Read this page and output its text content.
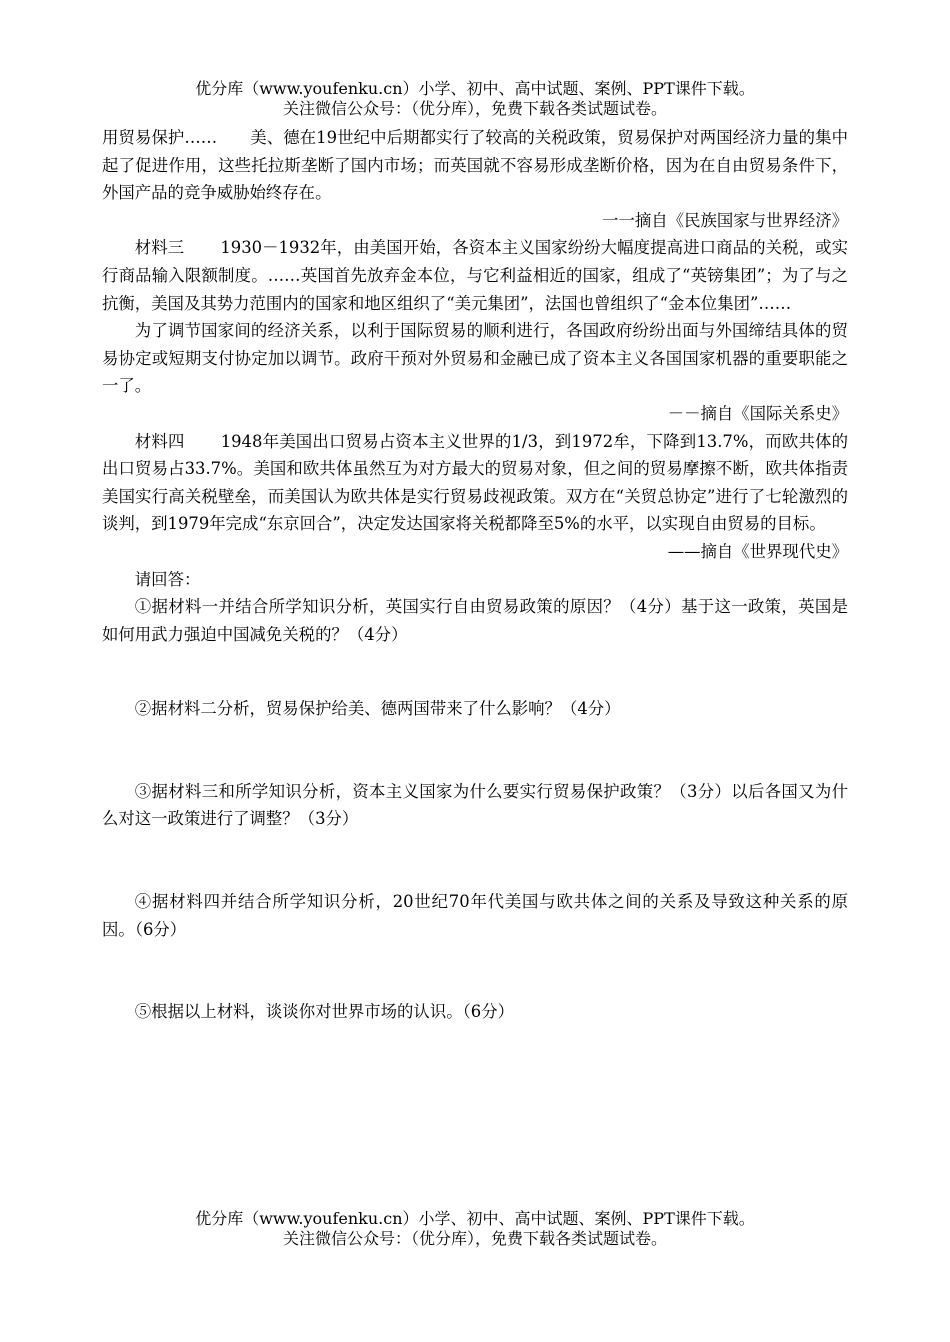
优分库（www.youfenku.cn）小学、初中、高中试题、案例、PPT课件下载。
关注微信公众号：（优分库），免费下载各类试题试卷。

用贸易保护……　　美、德在19世纪中后期都实行了较高的关税政策，贸易保护对两国经济力量的集中起了促进作用，这些托拉斯垄断了国内市场；而英国就不容易形成垄断价格，因为在自由贸易条件下，外国产品的竞争威胁始终存在。

一一摘自《民族国家与世界经济》

材料三 1930－1932年，由美国开始，各资本主义国家纷纷大幅度提高进口商品的关税，或实行商品输入限额制度。……英国首先放弃金本位，与它利益相近的国家，组成了“英镑集团”；为了与之抗衡，美国及其势力范围内的国家和地区组织了“美元集团”，法国也曾组织了“金本位集团”……

为了调节国家间的经济关系，以利于国际贸易的顺利进行，各国政府纷纷出面与外国缔结具体的贸易协定或短期支付协定加以调节。政府干预对外贸易和金融已成了资本主义各国国家机器的重要职能之一了。

－－摘自《国际关系史》

材料四 1948年美国出口贸易占资本主义世界的1/3，到1972牟，下降到13.7%，而欧共体的出口贸易占33.7%。美国和欧共体虽然互为对方最大的贸易对象，但之间的贸易摩擦不断，欧共体指责美国实行高关税壁垒，而美国认为欧共体是实行贸易歧视政策。双方在“关贸总协定”进行了七轮激烈的谈判，到1979年完成“东京回合”，决定发达国家将关税都降至5%的水平，以实现自由贸易的目标。

——摘自《世界现代史》

请回答：

①据材料一并结合所学知识分析，英国实行自由贸易政策的原因？（4分）基于这一政策，英国是如何用武力强迫中国减免关税的？（4分）

②据材料二分析，贸易保护给美、德两国带来了什么影响？（4分）

③据材料三和所学知识分析，资本主义国家为什么要实行贸易保护政策？（3分）以后各国又为什么对这一政策进行了调整？（3分）

④据材料四并结合所学知识分析，20世纪70年代美国与欧共体之间的关系及导致这种关系的原因。（6分）

⑤根据以上材料，谈谈你对世界市场的认识。（6分）

优分库（www.youfenku.cn）小学、初中、高中试题、案例、PPT课件下载。
关注微信公众号：（优分库），免费下载各类试题试卷。
